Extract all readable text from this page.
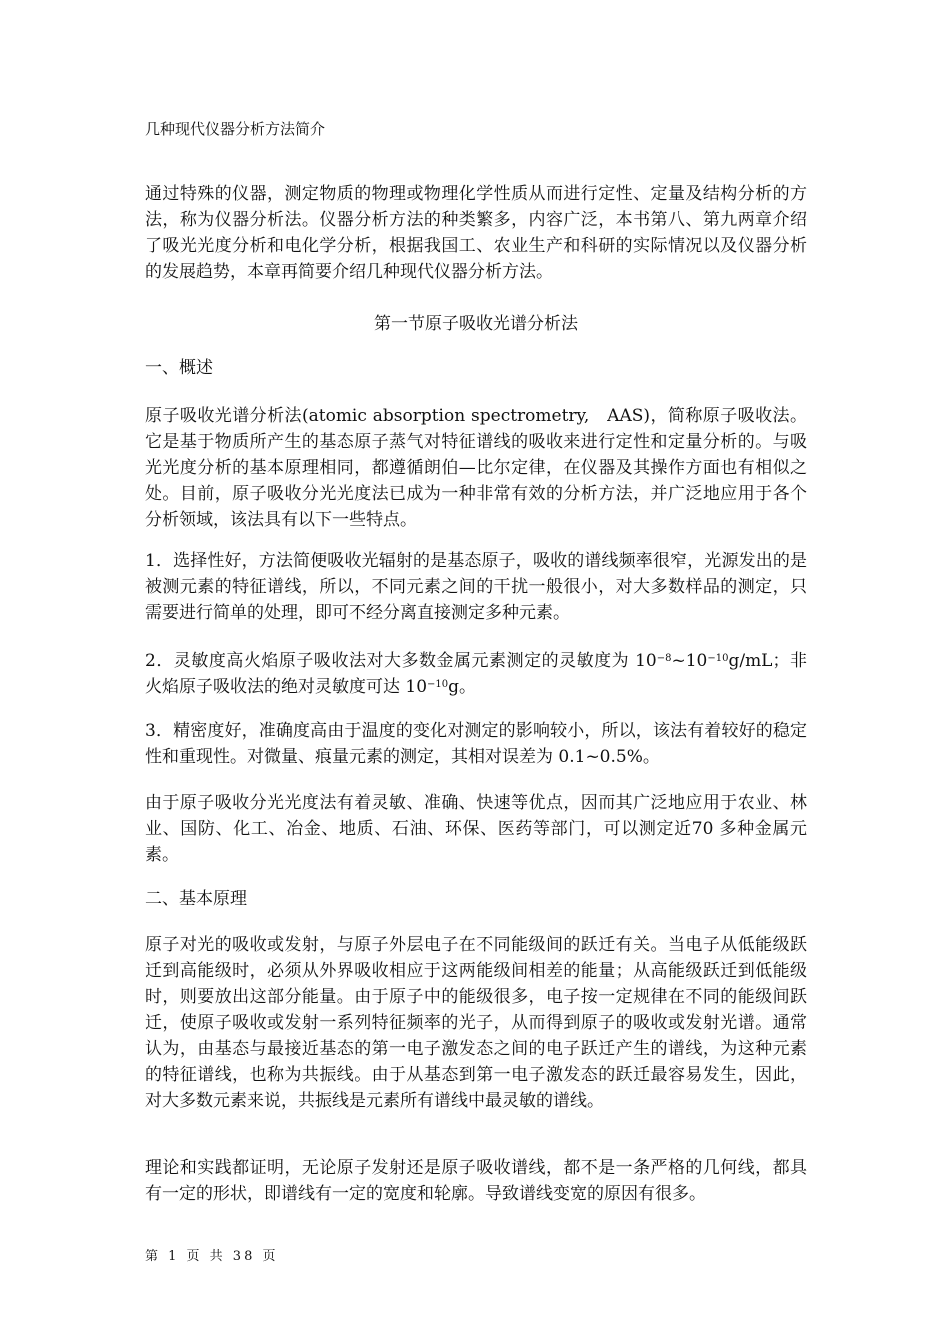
几种现代仪器分析方法简介

通过特殊的仪器，测定物质的物理或物理化学性质从而进行定性、定量及结构分析的方法，称为仪器分析法。仪器分析方法的种类繁多，内容广泛，本书第八、第九两章介绍了吸光光度分析和电化学分析，根据我国工、农业生产和科研的实际情况以及仪器分析的发展趋势，本章再简要介绍几种现代仪器分析方法。

第一节原子吸收光谱分析法
一、概述

原子吸收光谱分析法(atomic absorption spectrometry,　AAS)，简称原子吸收法。它是基于物质所产生的基态原子蒸气对特征谱线的吸收来进行定性和定量分析的。与吸光光度分析的基本原理相同，都遵循朗伯—比尔定律，在仪器及其操作方面也有相似之处。目前，原子吸收分光光度法已成为一种非常有效的分析方法，并广泛地应用于各个分析领域，该法具有以下一些特点。

1．选择性好，方法简便吸收光辐射的是基态原子，吸收的谱线频率很窄，光源发出的是被测元素的特征谱线，所以，不同元素之间的干扰一般很小，对大多数样品的测定，只需要进行简单的处理，即可不经分离直接测定多种元素。

2．灵敏度高火焰原子吸收法对大多数金属元素测定的灵敏度为 $10^{-8}\sim 10^{-10}g/mL$；非火焰原子吸收法的绝对灵敏度可达 $10^{-10}g$。

3．精密度好，准确度高由于温度的变化对测定的影响较小，所以，该法有着较好的稳定性和重现性。对微量、痕量元素的测定，其相对误差为 0.1~0.5%。

由于原子吸收分光光度法有着灵敏、准确、快速等优点，因而其广泛地应用于农业、林业、国防、化工、冶金、地质、石油、环保、医药等部门，可以测定近70 多种金属元素。

二、基本原理

原子对光的吸收或发射，与原子外层电子在不同能级间的跃迁有关。当电子从低能级跃迁到高能级时，必须从外界吸收相应于这两能级间相差的能量；从高能级跃迁到低能级时，则要放出这部分能量。由于原子中的能级很多，电子按一定规律在不同的能级间跃迁，使原子吸收或发射一系列特征频率的光子，从而得到原子的吸收或发射光谱。通常认为，由基态与最接近基态的第一电子激发态之间的电子跃迁产生的谱线，为这种元素的特征谱线，也称为共振线。由于从基态到第一电子激发态的跃迁最容易发生，因此，对大多数元素来说，共振线是元素所有谱线中最灵敏的谱线。

理论和实践都证明，无论原子发射还是原子吸收谱线，都不是一条严格的几何线，都具有一定的形状，即谱线有一定的宽度和轮廓。导致谱线变宽的原因有很多。

第 1 页 共 38 页
